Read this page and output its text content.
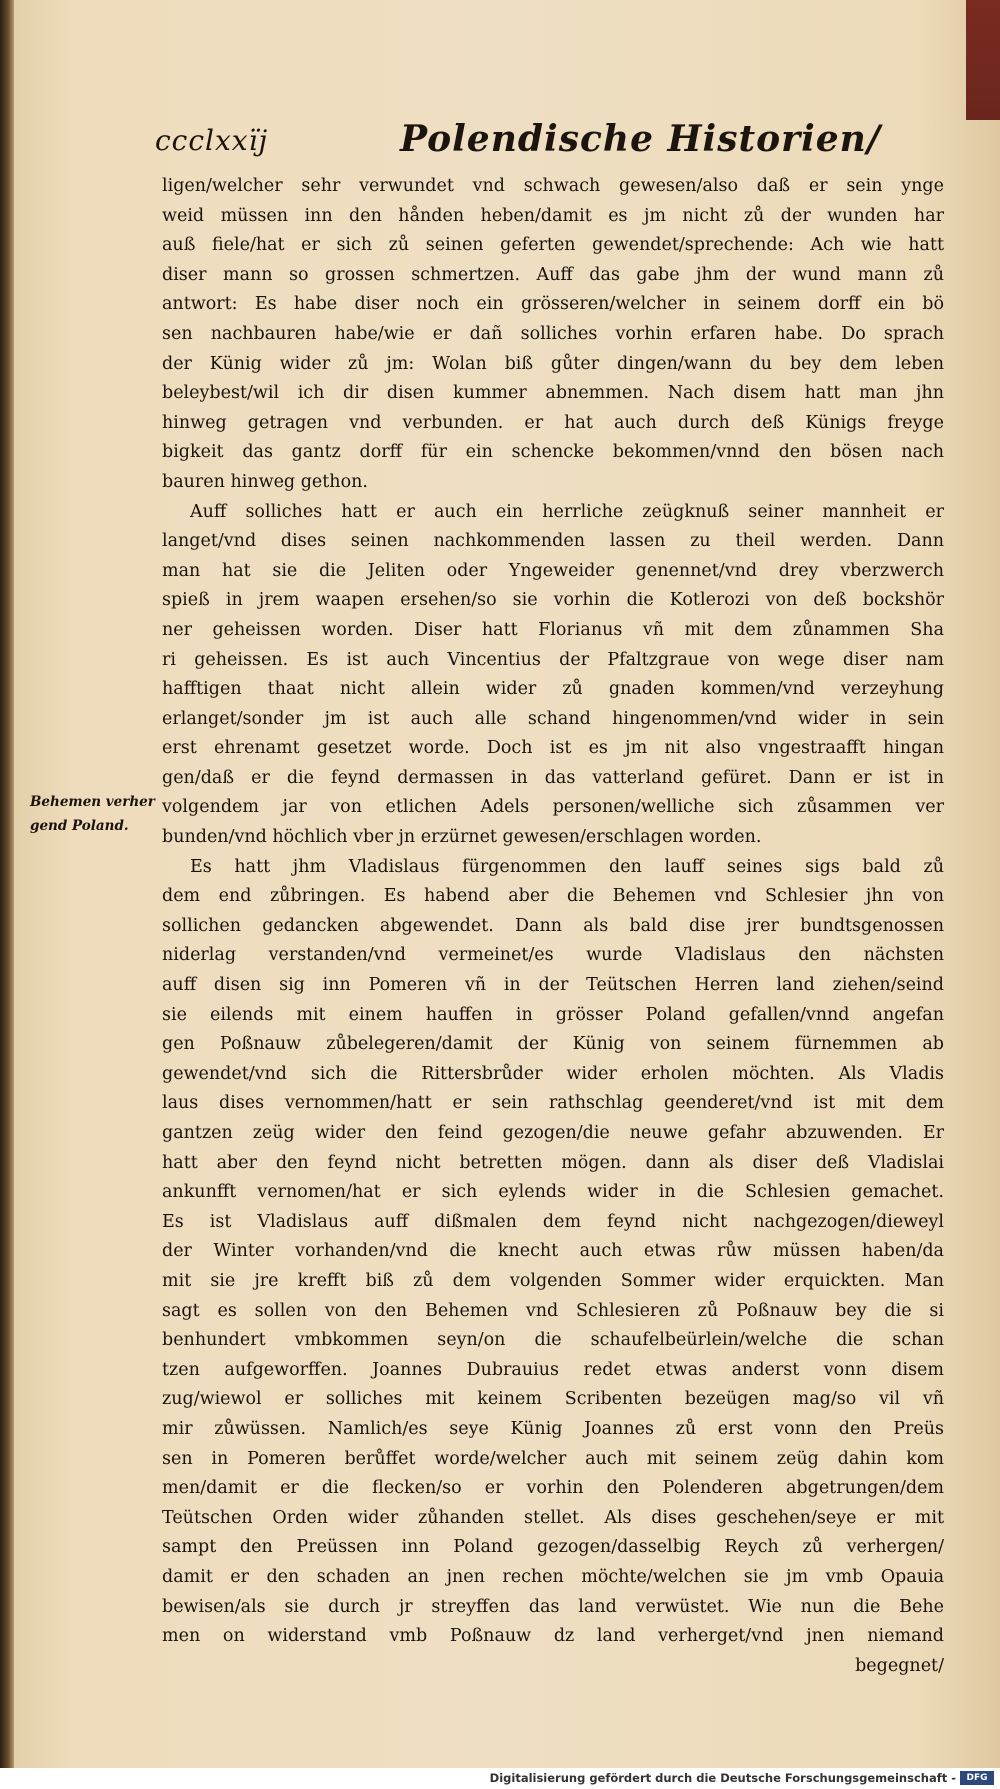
ccclххїj	Polendische Historien/
Behemen verher
gend Poland.
ligen/welcher sehr verwundet vnd schwach gewesen/also daß er sein ynge
weid müssen inn den hånden heben/damit es jm nicht zů der wunden har
auß fiele/hat er sich zů seinen geferten gewendet/sprechende: Ach wie hatt
diser mann so grossen schmertzen. Auff das gabe jhm der wund mann zů
antwort: Es habe diser noch ein grösseren/welcher in seinem dorff ein bö
sen nachbauren habe/wie er dañ solliches vorhin erfaren habe. Do sprach
der Künig wider zů jm: Wolan biß gůter dingen/wann du bey dem leben
beleybest/wil ich dir disen kummer abnemmen. Nach disem hatt man jhn
hinweg getragen vnd verbunden. er hat auch durch deß Künigs freyge
bigkeit das gantz dorff für ein schencke bekommen/vnnd den bösen nach
bauren hinweg gethon.
Auff solliches hatt er auch ein herrliche zeügknuß seiner mannheit er
langet/vnd dises seinen nachkommenden lassen zu theil werden. Dann
man hat sie die Jeliten oder Yngeweider genennet/vnd drey vberzwerch
spieß in jrem waapen ersehen/so sie vorhin die Kotlerozi von deß bockshör
ner geheissen worden. Diser hatt Florianus vñ mit dem zůnammen Sha
ri geheissen. Es ist auch Vincentius der Pfaltzgraue von wege diser nam
hafftigen thaat nicht allein wider zů gnaden kommen/vnd verzeyhung
erlanget/sonder jm ist auch alle schand hingenommen/vnd wider in sein
erst ehrenamt gesetzet worde. Doch ist es jm nit also vngestraafft hingan
gen/daß er die feynd dermassen in das vatterland gefüret. Dann er ist in
volgendem jar von etlichen Adels personen/welliche sich zůsammen ver
bunden/vnd höchlich vber jn erzürnet gewesen/erschlagen worden.
Es hatt jhm Vladislaus fürgenommen den lauff seines sigs bald zů
dem end zůbringen. Es habend aber die Behemen vnd Schlesier jhn von
sollichen gedancken abgewendet. Dann als bald dise jrer bundtsgenossen
niderlag verstanden/vnd vermeinet/es wurde Vladislaus den nächsten
auff disen sig inn Pomeren vñ in der Teütschen Herren land ziehen/seind
sie eilends mit einem hauffen in grösser Poland gefallen/vnnd angefan
gen Poßnauw zůbelegeren/damit der Künig von seinem fürnemmen ab
gewendet/vnd sich die Rittersbrůder wider erholen möchten. Als Vladis
laus dises vernommen/hatt er sein rathschlag geenderet/vnd ist mit dem
gantzen zeüg wider den feind gezogen/die neuwe gefahr abzuwenden. Er
hatt aber den feynd nicht betretten mögen. dann als diser deß Vladislai
ankunfft vernomen/hat er sich eylends wider in die Schlesien gemachet.
Es ist Vladislaus auff dißmalen dem feynd nicht nachgezogen/dieweyl
der Winter vorhanden/vnd die knecht auch etwas růw müssen haben/da
mit sie jre krefft biß zů dem volgenden Sommer wider erquickten. Man
sagt es sollen von den Behemen vnd Schlesieren zů Poßnauw bey die si
benhundert vmbkommen seyn/on die schaufelbeürlein/welche die schan
tzen aufgeworffen. Joannes Dubrauius redet etwas anderst vonn disem
zug/wiewol er solliches mit keinem Scribenten bezeügen mag/so vil vñ
mir zůwüssen. Namlich/es seye Künig Joannes zů erst vonn den Preüs
sen in Pomeren berůffet worde/welcher auch mit seinem zeüg dahin kom
men/damit er die flecken/so er vorhin den Polenderen abgetrungen/dem
Teütschen Orden wider zůhanden stellet. Als dises geschehen/seye er mit
sampt den Preüssen inn Poland gezogen/dasselbig Reych zů verhergen/
damit er den schaden an jnen rechen möchte/welchen sie jm vmb Opauia
bewisen/als sie durch jr streyffen das land verwüstet. Wie nun die Behe
men on widerstand vmb Poßnauw dz land verherget/vnd jnen niemand
begegnet/
Digitalisierung gefördert durch die Deutsche Forschungsgemeinschaft -	DFG
